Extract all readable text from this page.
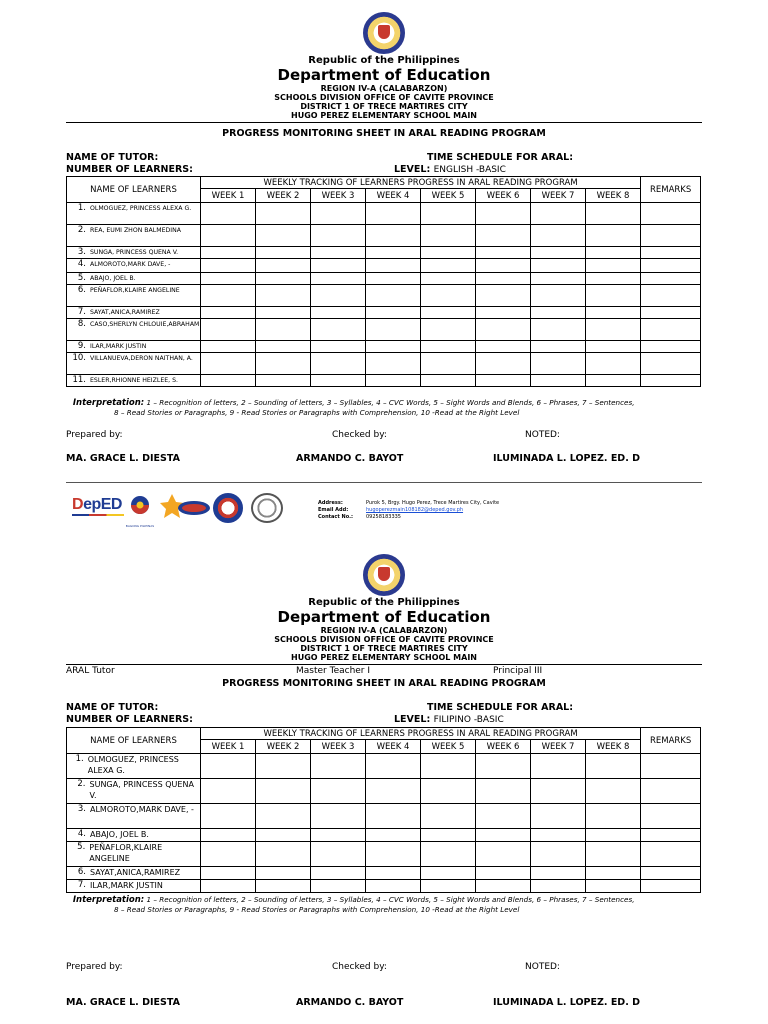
Republic of the Philippines
Department of Education
REGION IV-A (CALABARZON)
SCHOOLS DIVISION OFFICE OF CAVITE PROVINCE
DISTRICT 1 OF TRECE MARTIRES CITY
HUGO PEREZ ELEMENTARY SCHOOL MAIN
PROGRESS MONITORING SHEET IN ARAL READING PROGRAM
NAME OF TUTOR:
NUMBER OF LEARNERS:
TIME SCHEDULE FOR ARAL:
LEVEL: ENGLISH -BASIC
NAME OF LEARNERS	WEEKLY TRACKING OF LEARNERS PROGRESS IN ARAL READING PROGRAM								REMARKS
	WEEK 1	WEEK 2	WEEK 3	WEEK 4	WEEK 5	WEEK 6	WEEK 7	WEEK 8	

1. OLMOGUEZ, PRINCESS ALEXA G.									

2. REA, EUMI ZHON BALMEDINA									

3. SUNGA, PRINCESS QUENA V.									

4. ALMOROTO,MARK DAVE, -									

5. ABAJO, JOEL B.									

6. PEÑAFLOR,KLAIRE ANGELINE									

7. SAYAT,ANICA,RAMIREZ									

8. CASO,SHERLYN CHLOUIE,ABRAHAM									

9. ILAR,MARK JUSTIN									

10. VILLANUEVA,DERON NAITHAN, A.									

11. ESLER,RHIONNE HEIZLEE, S.									

Interpretation: 1 – Recognition of letters, 2 – Sounding of letters, 3 – Syllables, 4 – CVC Words, 5 – Sight Words and Blends, 6 – Phrases, 7 – Sentences,
8 – Read Stories or Paragraphs, 9 - Read Stories or Paragraphs with Comprehension, 10 -Read at the Right Level
Prepared by:	Checked by:	NOTED:
MA. GRACE L. DIESTA	ARMANDO C. BAYOT	ILUMINADA L. LOPEZ. ED. D
DepED
BAGONG PILIPINAS
Address:	Purok 5, Brgy. Hugo Perez, Trece Martires City, Cavite
Email Add:	hugoperezmain108182@deped.gov.ph
Contact No.:	09258183335
Republic of the Philippines
Department of Education
REGION IV-A (CALABARZON)
SCHOOLS DIVISION OFFICE OF CAVITE PROVINCE
DISTRICT 1 OF TRECE MARTIRES CITY
HUGO PEREZ ELEMENTARY SCHOOL MAIN
ARAL Tutor	Master Teacher I	Principal III
PROGRESS MONITORING SHEET IN ARAL READING PROGRAM
NAME OF TUTOR:
NUMBER OF LEARNERS:
TIME SCHEDULE FOR ARAL:
LEVEL: FILIPINO -BASIC
NAME OF LEARNERS	WEEKLY TRACKING OF LEARNERS PROGRESS IN ARAL READING PROGRAM								REMARKS
	WEEK 1	WEEK 2	WEEK 3	WEEK 4	WEEK 5	WEEK 6	WEEK 7	WEEK 8	

1. OLMOGUEZ, PRINCESS ALEXA G.									

2. SUNGA, PRINCESS QUENA V.									

3. ALMOROTO,MARK DAVE, -									

4. ABAJO, JOEL B.									

5. PEÑAFLOR,KLAIRE ANGELINE									

6. SAYAT,ANICA,RAMIREZ									

7. ILAR,MARK JUSTIN									

Interpretation: 1 – Recognition of letters, 2 – Sounding of letters, 3 – Syllables, 4 – CVC Words, 5 – Sight Words and Blends, 6 – Phrases, 7 – Sentences,
8 – Read Stories or Paragraphs, 9 - Read Stories or Paragraphs with Comprehension, 10 -Read at the Right Level
Prepared by:	Checked by:	NOTED:
MA. GRACE L. DIESTA	ARMANDO C. BAYOT	ILUMINADA L. LOPEZ. ED. D
